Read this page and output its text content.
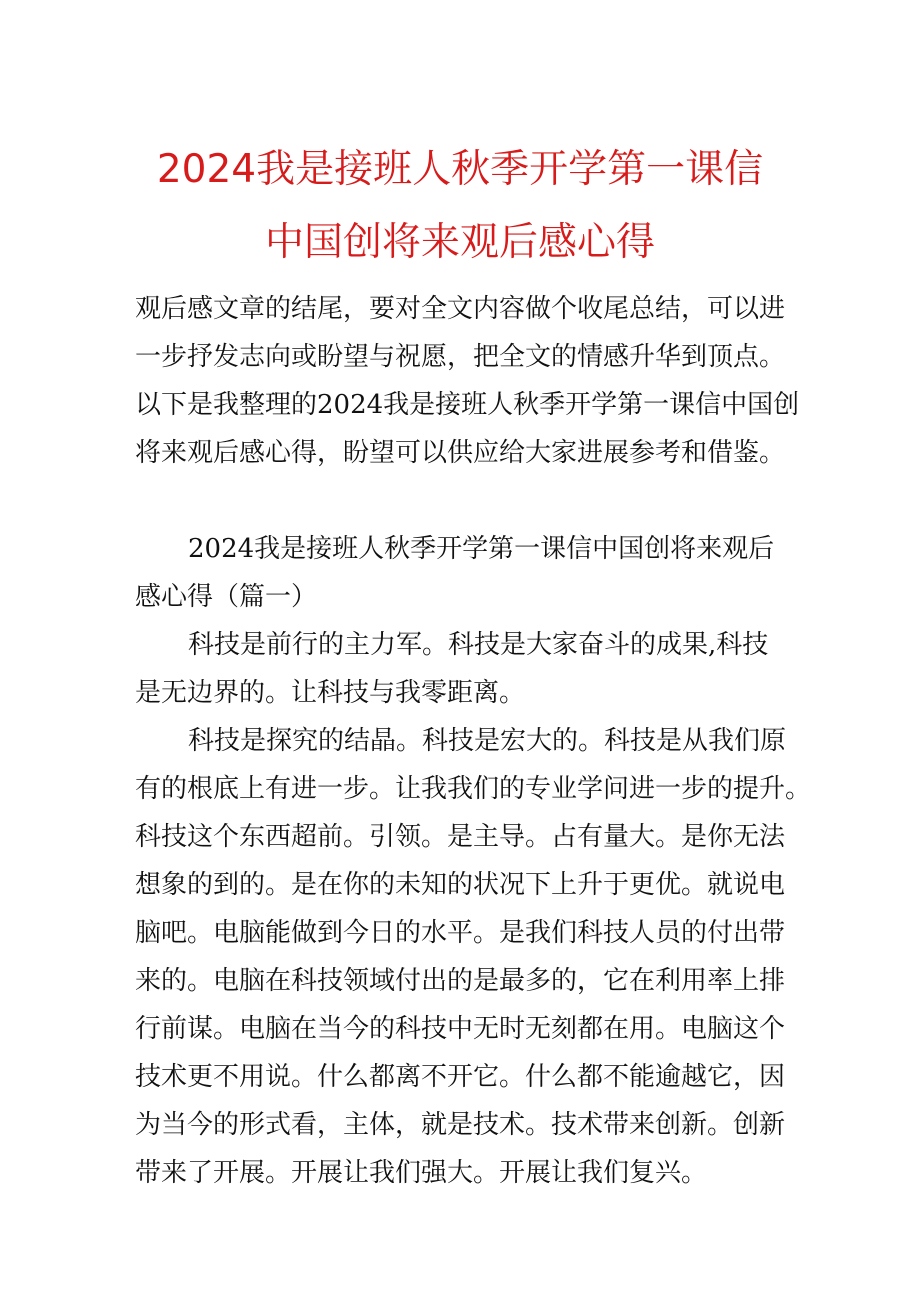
2024我是接班人秋季开学第一课信
中国创将来观后感心得
观后感文章的结尾，要对全文内容做个收尾总结，可以进
一步抒发志向或盼望与祝愿，把全文的情感升华到顶点。
以下是我整理的2024我是接班人秋季开学第一课信中国创
将来观后感心得，盼望可以供应给大家进展参考和借鉴。
2024我是接班人秋季开学第一课信中国创将来观后
感心得（篇一）
科技是前行的主力军。科技是大家奋斗的成果,科技
是无边界的。让科技与我零距离。
科技是探究的结晶。科技是宏大的。科技是从我们原
有的根底上有进一步。让我我们的专业学问进一步的提升。
科技这个东西超前。引领。是主导。占有量大。是你无法
想象的到的。是在你的未知的状况下上升于更优。就说电
脑吧。电脑能做到今日的水平。是我们科技人员的付出带
来的。电脑在科技领域付出的是最多的，它在利用率上排
行前谋。电脑在当今的科技中无时无刻都在用。电脑这个
技术更不用说。什么都离不开它。什么都不能逾越它，因
为当今的形式看，主体，就是技术。技术带来创新。创新
带来了开展。开展让我们强大。开展让我们复兴。
